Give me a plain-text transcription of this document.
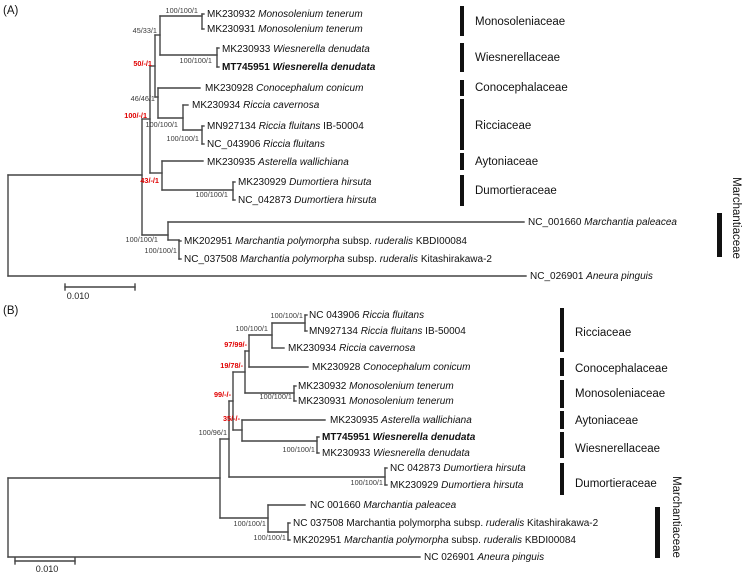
(A)
(B)
MK230932 Monosolenium tenerum
MK230931 Monosolenium tenerum
MK230933 Wiesnerella denudata
MT745951 Wiesnerella denudata
MK230928 Conocephalum conicum
MK230934 Riccia cavernosa
MN927134 Riccia fluitans IB-50004
NC_043906 Riccia fluitans
MK230935 Asterella wallichiana
MK230929 Dumortiera hirsuta
NC_042873 Dumortiera hirsuta
NC_001660 Marchantia paleacea
MK202951 Marchantia polymorpha subsp. ruderalis KBDI00084
NC_037508 Marchantia polymorpha subsp. ruderalis Kitashirakawa-2
NC_026901 Aneura pinguis
100/100/1
45/33/1
100/100/1
50/-/1
46/46/1
100/-/1
100/100/1
100/100/1
43/-/1
100/100/1
100/100/1
100/100/1
Monosoleniaceae
Wiesnerellaceae
Conocephalaceae
Ricciaceae
Aytoniaceae
Dumortieraceae	Marchantiaceae
0.010
NC 043906 Riccia fluitans
MN927134 Riccia fluitans IB-50004
MK230934 Riccia cavernosa
MK230928 Conocephalum conicum
MK230932 Monosolenium tenerum
MK230931 Monosolenium tenerum
MK230935 Asterella wallichiana
MT745951 Wiesnerella denudata
MK230933 Wiesnerella denudata
NC 042873 Dumortiera hirsuta
MK230929 Dumortiera hirsuta
NC 001660 Marchantia paleacea
NC 037508 Marchantia polymorpha subsp. ruderalis Kitashirakawa-2
MK202951 Marchantia polymorpha subsp. ruderalis KBDI00084
NC 026901 Aneura pinguis
100/100/1
100/100/1
97/99/-
19/78/-
99/-/-	100/100/1
35/-/-
100/96/1
100/100/1
100/100/1
100/100/1
100/100/1
Ricciaceae
Conocephalaceae
Monosoleniaceae
Aytoniaceae
Wiesnerellaceae
Dumortieraceae Marchantiaceae
0.010
